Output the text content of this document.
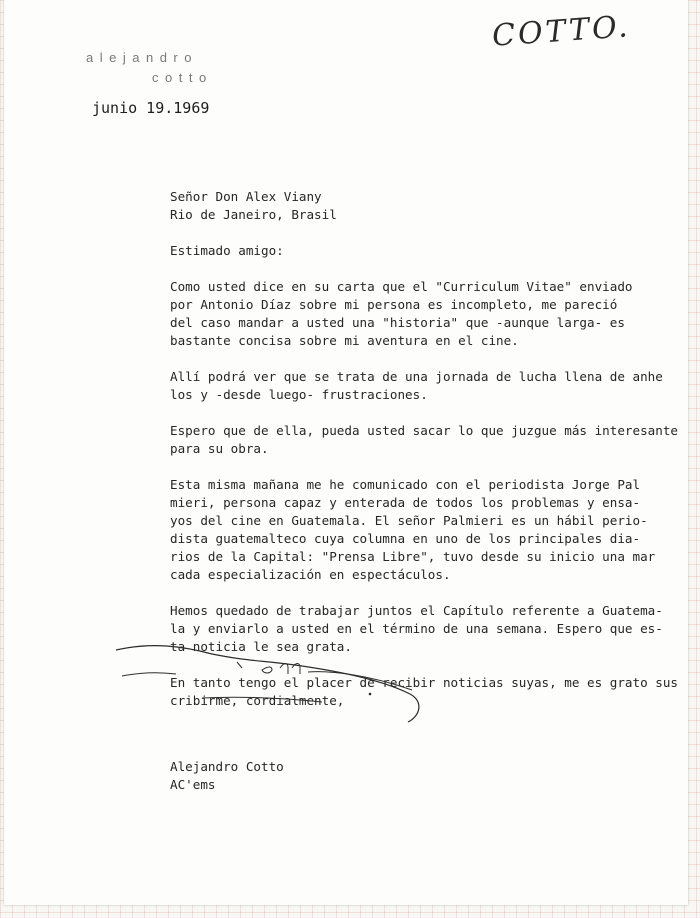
alejandro
cotto
COTTO.
junio 19.1969
Señor Don Alex Viany
Rio de Janeiro, Brasil
Estimado amigo:
Como usted dice en su carta que el "Curriculum Vitae" enviado
por Antonio Díaz sobre mi persona es incompleto, me pareció
del caso mandar a usted una "historia" que -aunque larga- es
bastante concisa sobre mi aventura en el cine.
Allí podrá ver que se trata de una jornada de lucha llena de anhe
los y -desde luego- frustraciones.
Espero que de ella, pueda usted sacar lo que juzgue más interesante
para su obra.
Esta misma mañana me he comunicado con el periodista Jorge Pal
mieri, persona capaz y enterada de todos los problemas y ensa-
yos del cine en Guatemala. El señor Palmieri es un hábil perio-
dista guatemalteco cuya columna en uno de los principales dia-
rios de la Capital: "Prensa Libre", tuvo desde su inicio una mar
cada especialización en espectáculos.
Hemos quedado de trabajar juntos el Capítulo referente a Guatema-
la y enviarlo a usted en el término de una semana. Espero que es-
ta noticia le sea grata.
En tanto tengo el placer de recibir noticias suyas, me es grato sus
cribirme, cordialmente,
Alejandro Cotto
AC'ems
